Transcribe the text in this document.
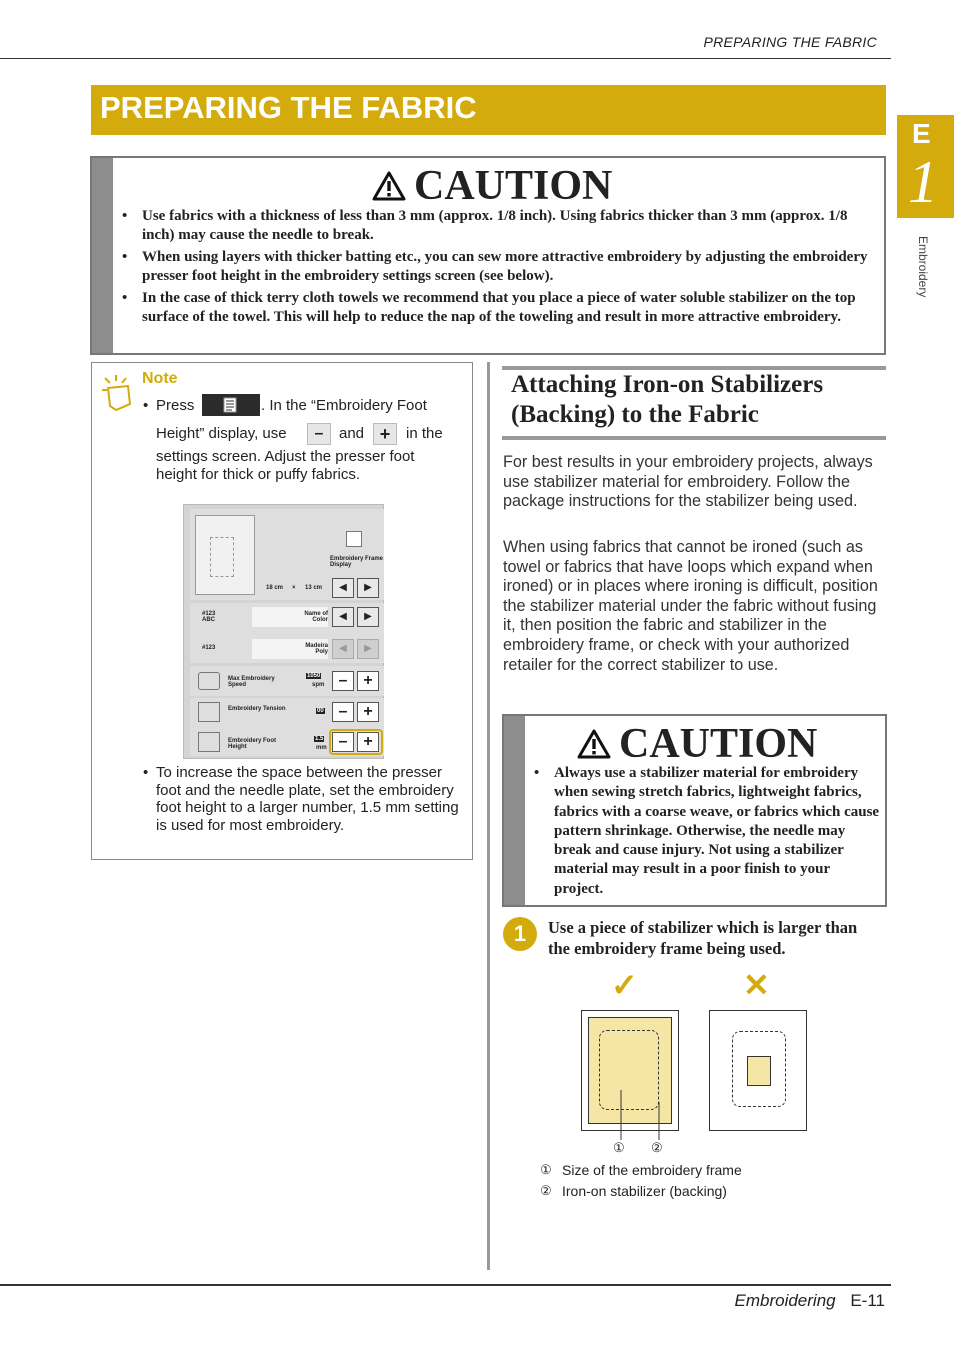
PREPARING THE FABRIC
PREPARING THE FABRIC
E
1
Embroidery
CAUTION
• Use fabrics with a thickness of less than 3 mm (approx. 1/8 inch). Using fabrics thicker than 3 mm (approx. 1/8 inch) may cause the needle to break.
• When using layers with thicker batting etc., you can sew more attractive embroidery by adjusting the embroidery presser foot height in the embroidery settings screen (see below).
• In the case of thick terry cloth towels we recommend that you place a piece of water soluble stabilizer on the top surface of the towel. This will help to reduce the nap of the toweling and result in more attractive embroidery.
Note
• Press	. In the “Embroidery Foot
Height” display, use	–	and +	in the
settings screen. Adjust the presser foot height for thick or puffy fabrics.
Embroidery Frame Display
18 cm × 13 cm	◀	▶
#123 ABC
Name of Color	◀	▶
#123	Madeira Poly	◀	▶
Max Embroidery Speed
1050
spm – +
Embroidery Tension	00 – +
Embroidery Foot Height
1.5
mm – +
• To increase the space between the presser foot and the needle plate, set the embroidery foot height to a larger number, 1.5 mm setting is used for most embroidery.
Attaching Iron-on Stabilizers (Backing) to the Fabric
For best results in your embroidery projects, always use stabilizer material for embroidery. Follow the package instructions for the stabilizer being used.
When using fabrics that cannot be ironed (such as towel or fabrics that have loops which expand when ironed) or in places where ironing is difficult, position the stabilizer material under the fabric without fusing it, then position the fabric and stabilizer in the embroidery frame, or check with your authorized retailer for the correct stabilizer to use.
CAUTION
• Always use a stabilizer material for embroidery when sewing stretch fabrics, lightweight fabrics, fabrics with a coarse weave, or fabrics which cause pattern shrinkage. Otherwise, the needle may break and cause injury. Not using a stabilizer material may result in a poor finish to your project.
1	Use a piece of stabilizer which is larger than the embroidery frame being used.
✓	✕
① ②
① Size of the embroidery frame
② Iron-on stabilizer (backing)
Embroidering E-11
